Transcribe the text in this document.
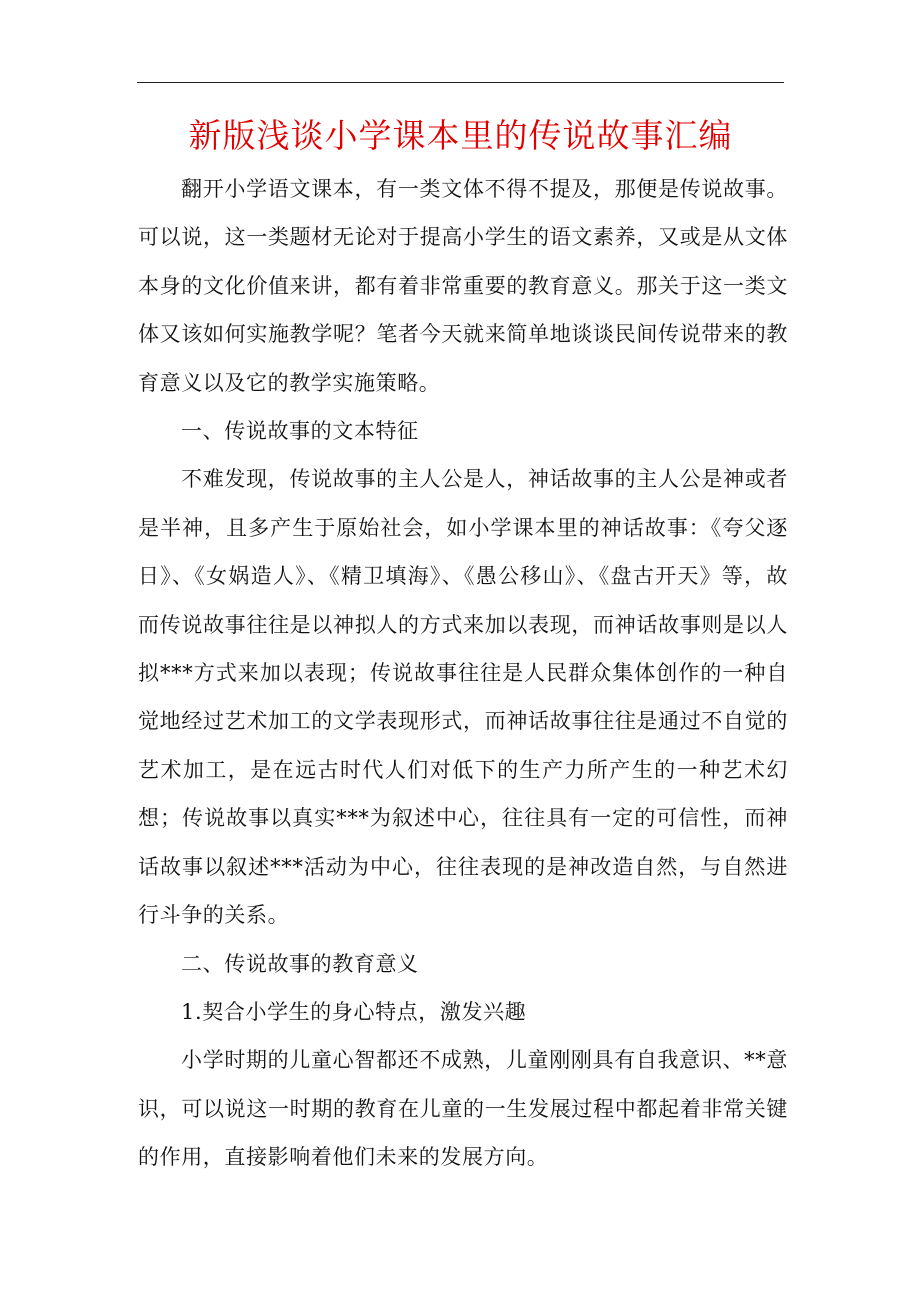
新版浅谈小学课本里的传说故事汇编

翻开小学语文课本，有一类文体不得不提及，那便是传说故事。可以说，这一类题材无论对于提高小学生的语文素养，又或是从文体本身的文化价值来讲，都有着非常重要的教育意义。那关于这一类文体又该如何实施教学呢？笔者今天就来简单地谈谈民间传说带来的教育意义以及它的教学实施策略。

一、传说故事的文本特征

不难发现，传说故事的主人公是人，神话故事的主人公是神或者是半神，且多产生于原始社会，如小学课本里的神话故事：《夸父逐日》、《女娲造人》、《精卫填海》、《愚公移山》、《盘古开天》等，故而传说故事往往是以神拟人的方式来加以表现，而神话故事则是以人拟***方式来加以表现；传说故事往往是人民群众集体创作的一种自觉地经过艺术加工的文学表现形式，而神话故事往往是通过不自觉的艺术加工，是在远古时代人们对低下的生产力所产生的一种艺术幻想；传说故事以真实***为叙述中心，往往具有一定的可信性，而神话故事以叙述***活动为中心，往往表现的是神改造自然，与自然进行斗争的关系。

二、传说故事的教育意义

1.契合小学生的身心特点，激发兴趣

小学时期的儿童心智都还不成熟，儿童刚刚具有自我意识、**意识，可以说这一时期的教育在儿童的一生发展过程中都起着非常关键的作用，直接影响着他们未来的发展方向。
